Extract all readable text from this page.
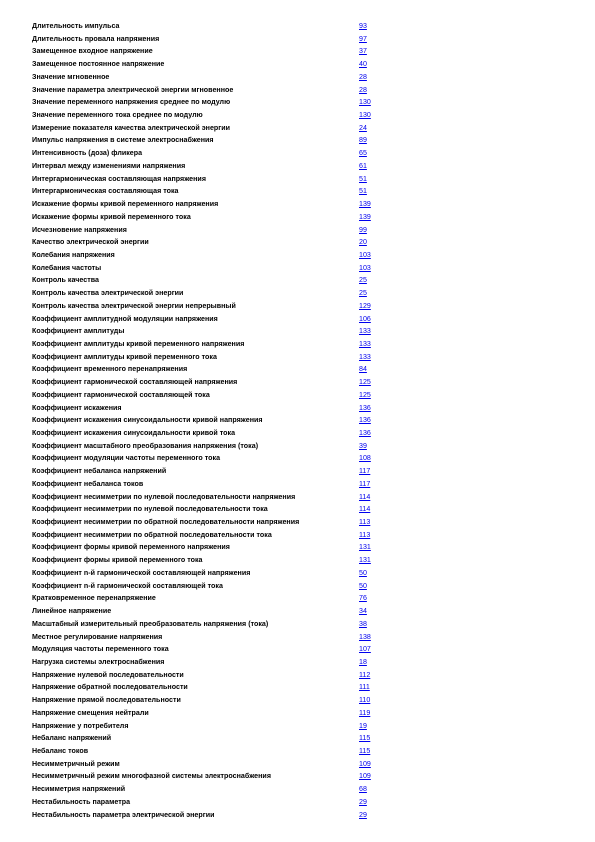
Длительность импульса	93
Длительность провала напряжения	97
Замещенное входное напряжение	37
Замещенное постоянное напряжение	40
Значение мгновенное	28
Значение параметра электрической энергии мгновенное	28
Значение переменного напряжения среднее по модулю	130
Значение переменного тока среднее по модулю	130
Измерение показателя качества электрической энергии	24
Импульс напряжения в системе электроснабжения	89
Интенсивность (доза) фликера	65
Интервал между изменениями напряжения	61
Интергармоническая составляющая напряжения	51
Интергармоническая составляющая тока	51
Искажение формы кривой переменного напряжения	139
Искажение формы кривой переменного тока	139
Исчезновение напряжения	99
Качество электрической энергии	20
Колебания напряжения	103
Колебания частоты	103
Контроль качества	25
Контроль качества электрической энергии	25
Контроль качества электрической энергии непрерывный	129
Коэффициент амплитудной модуляции напряжения	106
Коэффициент амплитуды	133
Коэффициент амплитуды кривой переменного напряжения	133
Коэффициент амплитуды кривой переменного тока	133
Коэффициент временного перенапряжения	84
Коэффициент гармонической составляющей напряжения	125
Коэффициент гармонической составляющей тока	125
Коэффициент искажения	136
Коэффициент искажения синусоидальности кривой напряжения	136
Коэффициент искажения синусоидальности кривой тока	136
Коэффициент масштабного преобразования напряжения (тока)	39
Коэффициент модуляции частоты переменного тока	108
Коэффициент небаланса напряжений	117
Коэффициент небаланса токов	117
Коэффициент несимметрии по нулевой последовательности напряжения	114
Коэффициент несимметрии по нулевой последовательности тока	114
Коэффициент несимметрии по обратной последовательности напряжения	113
Коэффициент несимметрии по обратной последовательности тока	113
Коэффициент формы кривой переменного напряжения	131
Коэффициент формы кривой переменного тока	131
Коэффициент n-й гармонической составляющей напряжения	50
Коэффициент n-й гармонической составляющей тока	50
Кратковременное перенапряжение	76
Линейное напряжение	34
Масштабный измерительный преобразователь напряжения (тока)	38
Местное регулирование напряжения	138
Модуляция частоты переменного тока	107
Нагрузка системы электроснабжения	18
Напряжение нулевой последовательности	112
Напряжение обратной последовательности	111
Напряжение прямой последовательности	110
Напряжение смещения нейтрали	119
Напряжение у потребителя	19
Небаланс напряжений	115
Небаланс токов	115
Несимметричный режим	109
Несимметричный режим многофазной системы электроснабжения	109
Несимметрия напряжений	68
Нестабильность параметра	29
Нестабильность параметра электрической энергии	29
